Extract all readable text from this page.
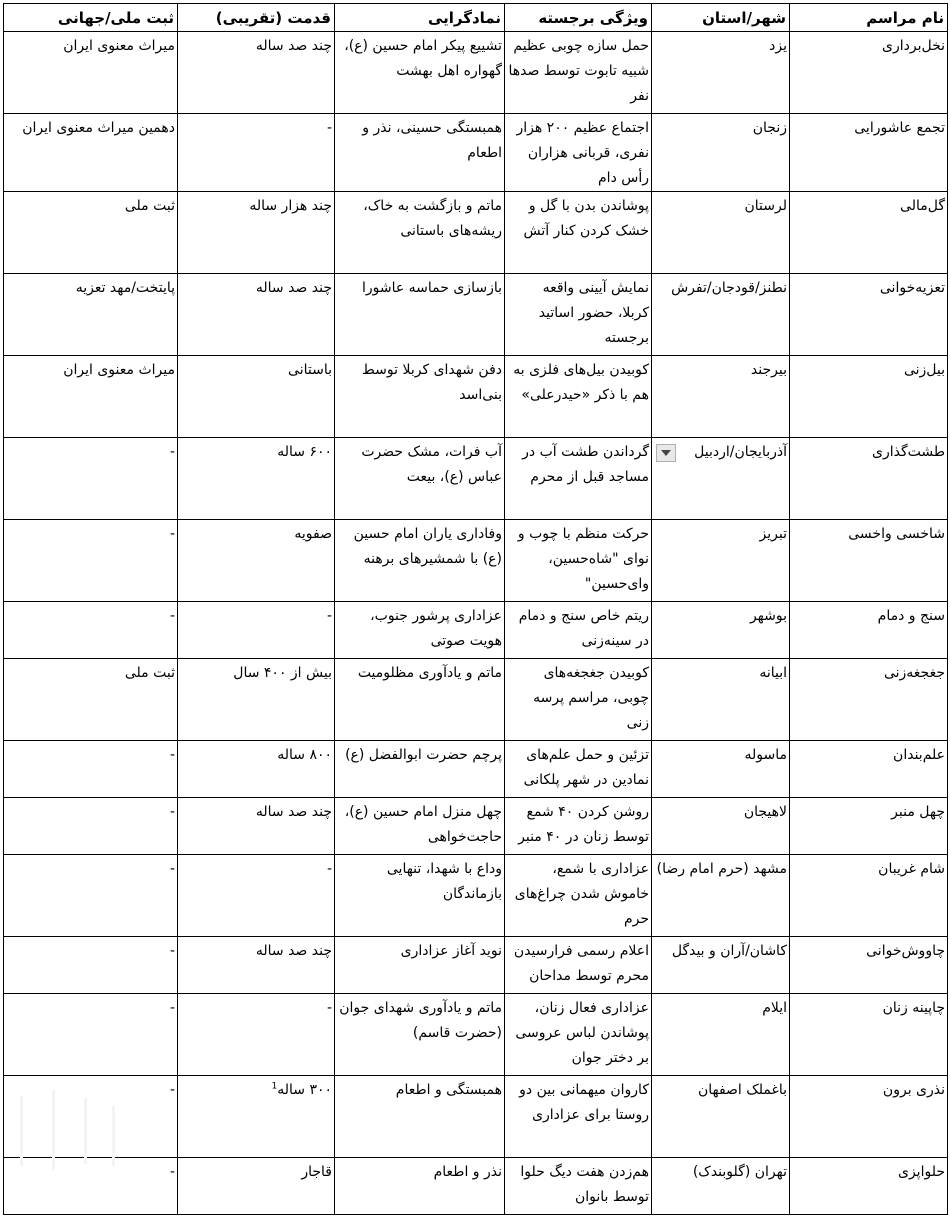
نام مراسم	شهر/استان	ویژگی برجسته	نمادگرایی	قدمت (تقریبی)	ثبت ملی/جهانی

نخل‌برداری	یزد	حمل سازه چوبی عظیم شبیه تابوت توسط صدها نفر	تشییع پیکر امام حسین (ع)، گهواره اهل بهشت	چند صد ساله	میراث معنوی ایران

تجمع عاشورایی	زنجان	اجتماع عظیم ۲۰۰ هزار نفری، قربانی هزاران رأس دام	همبستگی حسینی، نذر و اطعام	-	دهمین میراث معنوی ایران

گل‌مالی	لرستان	پوشاندن بدن با گل و خشک کردن کنار آتش	ماتم و بازگشت به خاک، ریشه‌های باستانی	چند هزار ساله	ثبت ملی

تعزیه‌خوانی	نطنز/قودجان/تفرش	نمایش آیینی واقعه کربلا، حضور اساتید برجسته	بازسازی حماسه عاشورا	چند صد ساله	پایتخت/مهد تعزیه

بیل‌زنی	بیرجند	کوبیدن بیل‌های فلزی به هم با ذکر «حیدرعلی»	دفن شهدای کربلا توسط بنی‌اسد	باستانی	میراث معنوی ایران

طشت‌گذاری	آذربایجان/اردبیل	گرداندن طشت آب در مساجد قبل از محرم	آب فرات، مشک حضرت عباس (ع)، بیعت	۶۰۰ ساله	-

شاخسی واخسی	تبریز	حرکت منظم با چوب و نوای "شاه‌حسین، وای‌حسین"	وفاداری یاران امام حسین (ع) با شمشیرهای برهنه	صفویه	-

سنج و دمام	بوشهر	ریتم خاص سنج و دمام در سینه‌زنی	عزاداری پرشور جنوب، هویت صوتی	-	-

جغجغه‌زنی	ابیانه	کوبیدن جغجغه‌های چوبی، مراسم پرسه زنی	ماتم و یادآوری مظلومیت	بیش از ۴۰۰ سال	ثبت ملی

علم‌بندان	ماسوله	تزئین و حمل علم‌های نمادین در شهر پلکانی	پرچم حضرت ابوالفضل (ع)	۸۰۰ ساله	-

چهل منبر	لاهیجان	روشن کردن ۴۰ شمع توسط زنان در ۴۰ منبر	چهل منزل امام حسین (ع)، حاجت‌خواهی	چند صد ساله	-

شام غریبان	مشهد (حرم امام رضا)	عزاداری با شمع، خاموش شدن چراغ‌های حرم	وداع با شهدا، تنهایی بازماندگان	-	-

چاووش‌خوانی	کاشان/آران و بیدگل	اعلام رسمی فرارسیدن محرم توسط مداحان	نوید آغاز عزاداری	چند صد ساله	-

چاپینه زنان	ایلام	عزاداری فعال زنان، پوشاندن لباس عروسی بر دختر جوان	ماتم و یادآوری شهدای جوان (حضرت قاسم)	-	-

نذری برون	باغملک اصفهان	کاروان میهمانی بین دو روستا برای عزاداری	همبستگی و اطعام	۳۰۰ ساله$^1$	-

حلواپزی	تهران (گلوبندک)	هم‌زدن هفت دیگ حلوا توسط بانوان	نذر و اطعام	قاجار	-
